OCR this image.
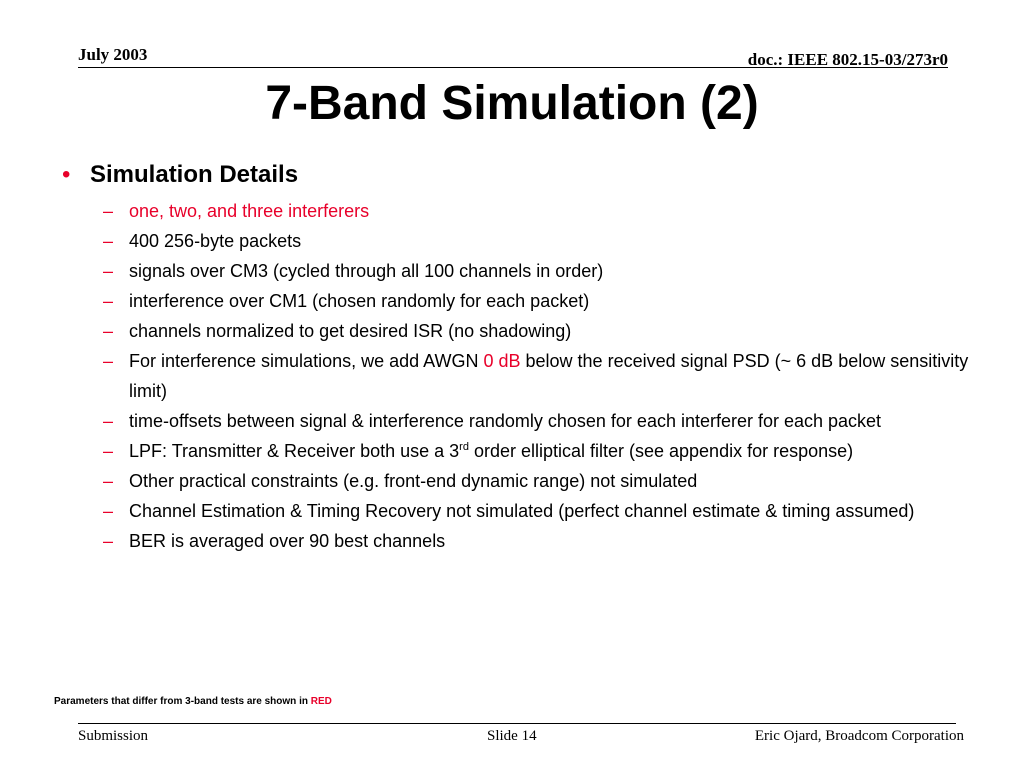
July 2003	doc.: IEEE 802.15-03/273r0
7-Band Simulation (2)
• Simulation Details
– one, two, and three interferers
– 400 256-byte packets
– signals over CM3 (cycled through all 100 channels in order)
– interference over CM1 (chosen randomly for each packet)
– channels normalized to get desired ISR (no shadowing)
– For interference simulations, we add AWGN 0 dB below the received signal PSD (~ 6 dB below sensitivity limit)
– time-offsets between signal & interference randomly chosen for each interferer for each packet
– LPF: Transmitter & Receiver both use a 3rd order elliptical filter (see appendix for response)
– Other practical constraints (e.g. front-end dynamic range) not simulated
– Channel Estimation & Timing Recovery not simulated (perfect channel estimate & timing assumed)
– BER is averaged over 90 best channels
Parameters that differ from 3-band tests are shown in RED
Submission	Slide 14	Eric Ojard, Broadcom Corporation
